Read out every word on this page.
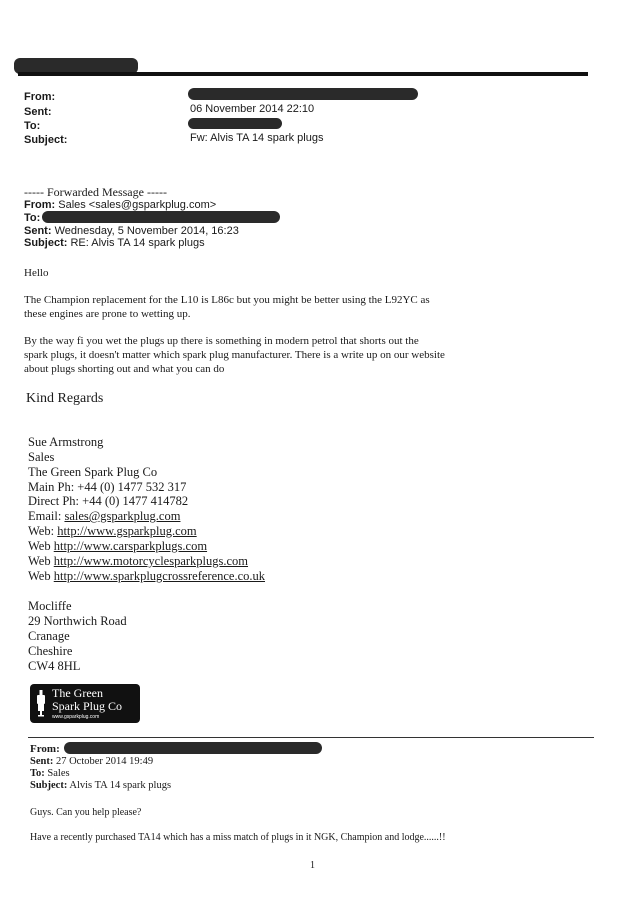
From:
Sent:	06 November 2014 22:10
To:
Subject:	Fw: Alvis TA 14 spark plugs
----- Forwarded Message -----
From: Sales <sales@gsparkplug.com>
To:
Sent: Wednesday, 5 November 2014, 16:23
Subject: RE: Alvis TA 14 spark plugs
Hello
The Champion replacement for the L10 is L86c but you might be better using the L92YC as
these engines are prone to wetting up.
By the way fi you wet the plugs up there is something in modern petrol that shorts out the
spark plugs, it doesn't matter which spark plug manufacturer. There is a write up on our website
about plugs shorting out and what you can do
Kind Regards
Sue Armstrong
Sales
The Green Spark Plug Co
Main Ph: +44 (0) 1477 532 317
Direct Ph: +44 (0) 1477 414782
Email: sales@gsparkplug.com
Web: http://www.gsparkplug.com
Web http://www.carsparkplugs.com
Web http://www.motorcyclesparkplugs.com
Web http://www.sparkplugcrossreference.co.uk
Mocliffe
29 Northwich Road
Cranage
Cheshire
CW4 8HL
The Green
Spark Plug Co
www.gsparkplug.com
From:
Sent: 27 October 2014 19:49
To: Sales
Subject: Alvis TA 14 spark plugs
Guys. Can you help please?
Have a recently purchased TA14 which has a miss match of plugs in it NGK, Champion and lodge......!!
1
